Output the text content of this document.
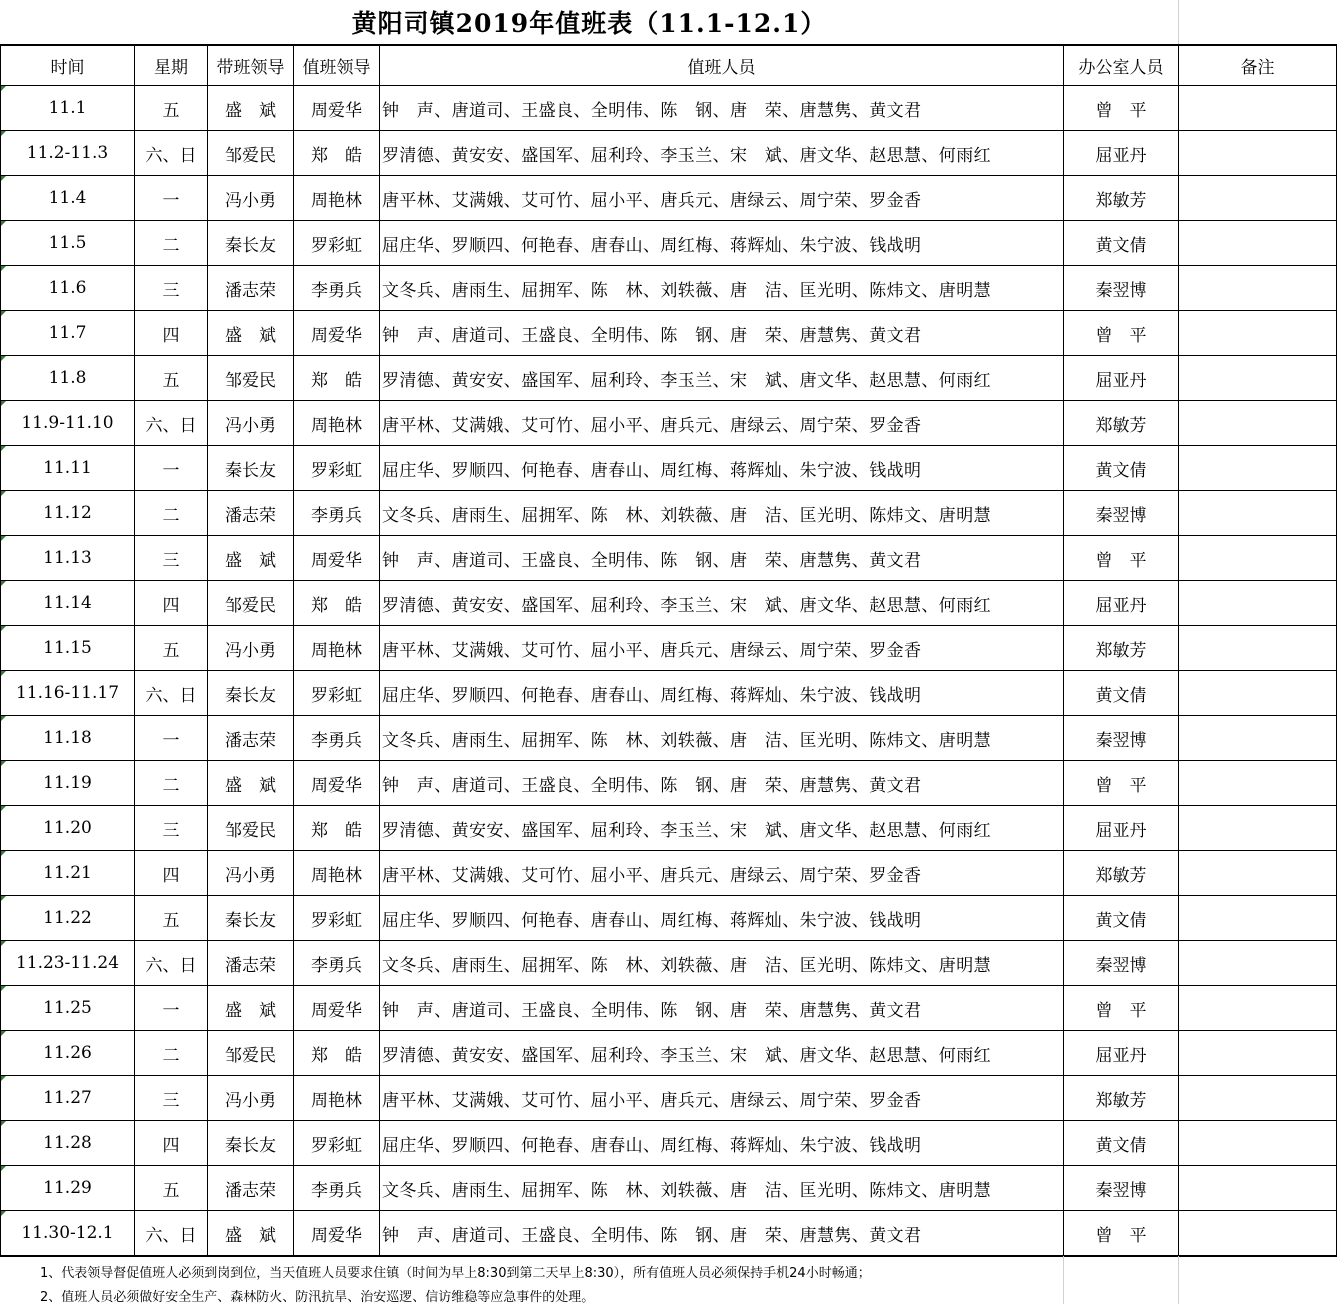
黄阳司镇2019年值班表（11.1-12.1）
时间	星期	带班领导	值班领导	值班人员	办公室人员	备注

11.1	五	盛　斌	周爱华	钟　声、唐道司、王盛良、全明伟、陈　钢、唐　荣、唐慧隽、黄文君	曾　平	

11.2-11.3	六、日	邹爱民	郑　皓	罗清德、黄安安、盛国军、屈利玲、李玉兰、宋　斌、唐文华、赵思慧、何雨红	屈亚丹	

11.4	一	冯小勇	周艳林	唐平林、艾满娥、艾可竹、屈小平、唐兵元、唐绿云、周宁荣、罗金香	郑敏芳	

11.5	二	秦长友	罗彩虹	屈庄华、罗顺四、何艳春、唐春山、周红梅、蒋辉灿、朱宁波、钱战明	黄文倩	

11.6	三	潘志荣	李勇兵	文冬兵、唐雨生、屈拥军、陈　林、刘轶薇、唐　洁、匡光明、陈炜文、唐明慧	秦翌博	

11.7	四	盛　斌	周爱华	钟　声、唐道司、王盛良、全明伟、陈　钢、唐　荣、唐慧隽、黄文君	曾　平	

11.8	五	邹爱民	郑　皓	罗清德、黄安安、盛国军、屈利玲、李玉兰、宋　斌、唐文华、赵思慧、何雨红	屈亚丹	

11.9-11.10	六、日	冯小勇	周艳林	唐平林、艾满娥、艾可竹、屈小平、唐兵元、唐绿云、周宁荣、罗金香	郑敏芳	

11.11	一	秦长友	罗彩虹	屈庄华、罗顺四、何艳春、唐春山、周红梅、蒋辉灿、朱宁波、钱战明	黄文倩	

11.12	二	潘志荣	李勇兵	文冬兵、唐雨生、屈拥军、陈　林、刘轶薇、唐　洁、匡光明、陈炜文、唐明慧	秦翌博	

11.13	三	盛　斌	周爱华	钟　声、唐道司、王盛良、全明伟、陈　钢、唐　荣、唐慧隽、黄文君	曾　平	

11.14	四	邹爱民	郑　皓	罗清德、黄安安、盛国军、屈利玲、李玉兰、宋　斌、唐文华、赵思慧、何雨红	屈亚丹	

11.15	五	冯小勇	周艳林	唐平林、艾满娥、艾可竹、屈小平、唐兵元、唐绿云、周宁荣、罗金香	郑敏芳	

11.16-11.17	六、日	秦长友	罗彩虹	屈庄华、罗顺四、何艳春、唐春山、周红梅、蒋辉灿、朱宁波、钱战明	黄文倩	

11.18	一	潘志荣	李勇兵	文冬兵、唐雨生、屈拥军、陈　林、刘轶薇、唐　洁、匡光明、陈炜文、唐明慧	秦翌博	

11.19	二	盛　斌	周爱华	钟　声、唐道司、王盛良、全明伟、陈　钢、唐　荣、唐慧隽、黄文君	曾　平	

11.20	三	邹爱民	郑　皓	罗清德、黄安安、盛国军、屈利玲、李玉兰、宋　斌、唐文华、赵思慧、何雨红	屈亚丹	

11.21	四	冯小勇	周艳林	唐平林、艾满娥、艾可竹、屈小平、唐兵元、唐绿云、周宁荣、罗金香	郑敏芳	

11.22	五	秦长友	罗彩虹	屈庄华、罗顺四、何艳春、唐春山、周红梅、蒋辉灿、朱宁波、钱战明	黄文倩	

11.23-11.24	六、日	潘志荣	李勇兵	文冬兵、唐雨生、屈拥军、陈　林、刘轶薇、唐　洁、匡光明、陈炜文、唐明慧	秦翌博	

11.25	一	盛　斌	周爱华	钟　声、唐道司、王盛良、全明伟、陈　钢、唐　荣、唐慧隽、黄文君	曾　平	

11.26	二	邹爱民	郑　皓	罗清德、黄安安、盛国军、屈利玲、李玉兰、宋　斌、唐文华、赵思慧、何雨红	屈亚丹	

11.27	三	冯小勇	周艳林	唐平林、艾满娥、艾可竹、屈小平、唐兵元、唐绿云、周宁荣、罗金香	郑敏芳	

11.28	四	秦长友	罗彩虹	屈庄华、罗顺四、何艳春、唐春山、周红梅、蒋辉灿、朱宁波、钱战明	黄文倩	

11.29	五	潘志荣	李勇兵	文冬兵、唐雨生、屈拥军、陈　林、刘轶薇、唐　洁、匡光明、陈炜文、唐明慧	秦翌博	

11.30-12.1	六、日	盛　斌	周爱华	钟　声、唐道司、王盛良、全明伟、陈　钢、唐　荣、唐慧隽、黄文君	曾　平	
1、代表领导督促值班人必须到岗到位，当天值班人员要求住镇（时间为早上8:30到第二天早上8:30），所有值班人员必须保持手机24小时畅通；
2、值班人员必须做好安全生产、森林防火、防汛抗旱、治安巡逻、信访维稳等应急事件的处理。
